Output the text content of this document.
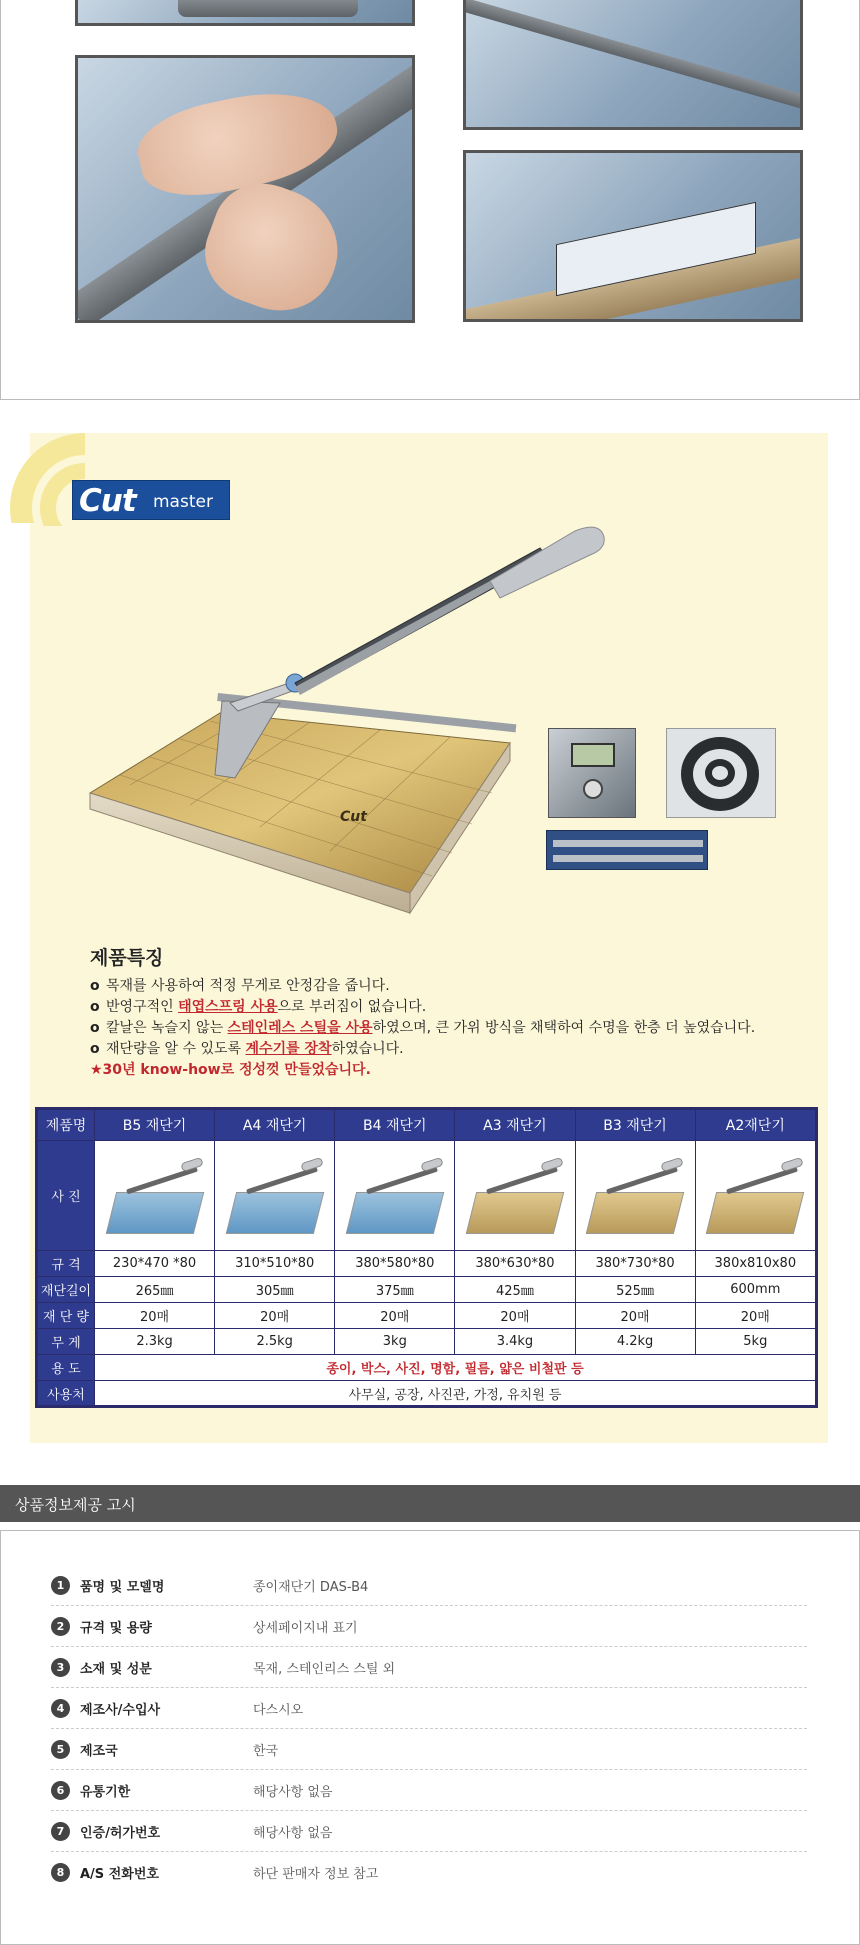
Cut master
Cut
제품특징
o 목재를 사용하여 적정 무게로 안정감을 줍니다.
o 반영구적인 태엽스프링 사용으로 부러짐이 없습니다.
o 칼날은 녹슬지 않는 스테인레스 스틸을 사용하였으며, 큰 가위 방식을 채택하여 수명을 한층 더 높였습니다.
o 재단량을 알 수 있도록 계수기를 장착하였습니다.
★30년 know-how로 정성껏 만들었습니다.
제품명	B5 재단기	A4 재단기	B4 재단기	A3 재단기	B3 재단기	A2재단기
사 진	

규 격	230*470 *80	310*510*80	380*580*80	380*630*80	380*730*80	380x810x80
재단길이	265㎜	305㎜	375㎜	425㎜	525㎜	600mm
재 단 량	20매	20매	20매	20매	20매	20매
무 게	2.3kg	2.5kg	3kg	3.4kg	4.2kg	5kg
용 도	종이, 박스, 사진, 명함, 필름, 얇은 비철판 등					
사용처	사무실, 공장, 사진관, 가정, 유치원 등					
상품정보제공 고시
1	품명 및 모델명	종이재단기 DAS-B4
2	규격 및 용량	상세페이지내 표기
3	소재 및 성분	목재, 스테인리스 스틸 외
4	제조사/수입사	다스시오
5	제조국	한국
6	유통기한	해당사항 없음
7	인증/허가번호	해당사항 없음
8	A/S 전화번호	하단 판매자 정보 참고
